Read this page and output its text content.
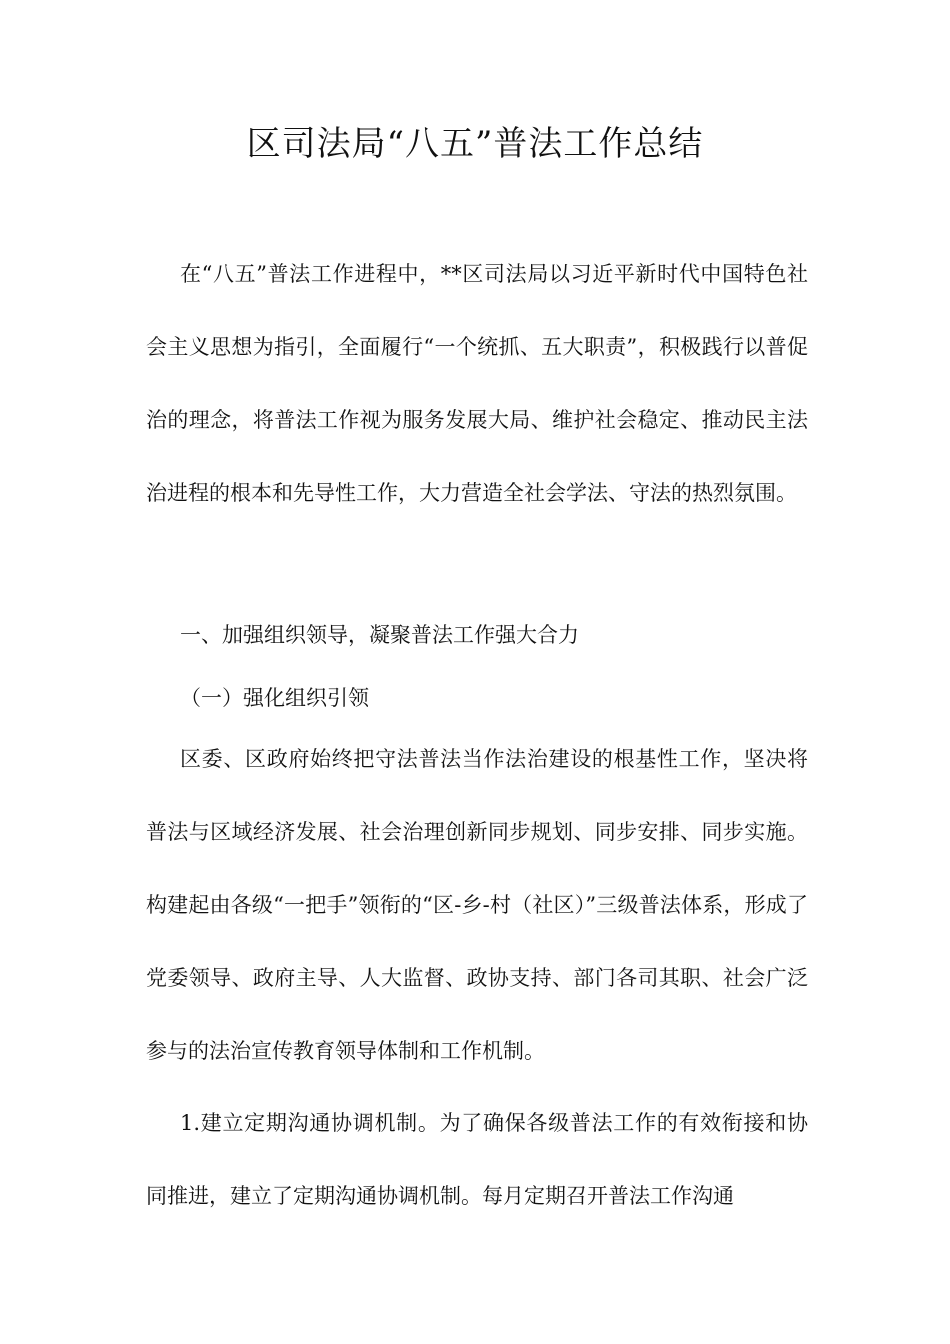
区司法局“八五”普法工作总结

在“八五”普法工作进程中，**区司法局以习近平新时代中国特色社会主义思想为指引，全面履行“一个统抓、五大职责”，积极践行以普促治的理念，将普法工作视为服务发展大局、维护社会稳定、推动民主法治进程的根本和先导性工作，大力营造全社会学法、守法的热烈氛围。

一、加强组织领导，凝聚普法工作强大合力

（一）强化组织引领

区委、区政府始终把守法普法当作法治建设的根基性工作，坚决将普法与区域经济发展、社会治理创新同步规划、同步安排、同步实施。构建起由各级“一把手”领衔的“区-乡-村（社区）”三级普法体系，形成了党委领导、政府主导、人大监督、政协支持、部门各司其职、社会广泛参与的法治宣传教育领导体制和工作机制。

1.建立定期沟通协调机制。为了确保各级普法工作的有效衔接和协同推进，建立了定期沟通协调机制。每月定期召开普法工作沟通
